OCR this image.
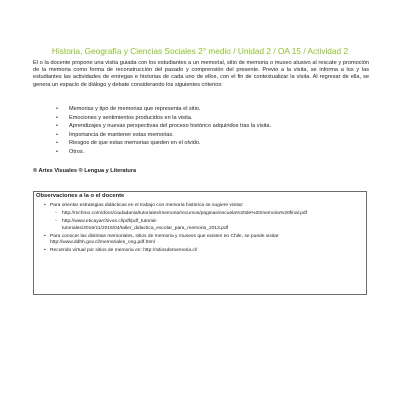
Historia, Geografía y Ciencias Sociales 2° medio / Unidad 2 / OA 15 / Actividad 2
El o la docente propone una visita guiada con los estudiantes a un memorial, sitio de memoria o museo alusivo al rescate y promoción de la memoria como forma de reconstrucción del pasado y comprensión del presente. Previo a la visita, se informa a los y las estudiantes las actividades de entregas e historias de cada uno de ellos, con el fin de contextualizar la visita. Al regresar de ella, se genera un espacio de diálogo y debate considerando los siguientes criterios:
• Memorias y tipo de memorias que representa el sitio.
• Emociones y sentimientos producidos en la visita.
• Aprendizajes y nuevas perspectivas del proceso histórico adquiridos tras la visita.
• Importancia de mantener estas memorias.
• Riesgos de que estas memorias queden en el olvido.
• Otros.
® Artes Visuales ® Lengua y Literatura
Observaciones a la o el docente
• Para orientar estrategias didácticas en el trabajo con memoria histórica se sugiere visitar:
◦ http://mchmo.com/docs/ciudadania/tutoriales/memoria/recursos/paginas/escuela%20de%20memoria%20final.pdf
◦ http://www.eticayarchivos.cl/pdf/pdf_tutorial-
tutoriales/2016/11/2016/04/taller_didactica_escolar_para_memoria_2013.pdf
• Para conocer las distintas memoriales, sitios de memoria y museos que existen en Chile, se puede visitar http://www.ddhh.gov.cl/memoriales_ong.pdf.html
• Recorrido virtual por sitios de memoria en: http://sitiosdememoria.cl/
